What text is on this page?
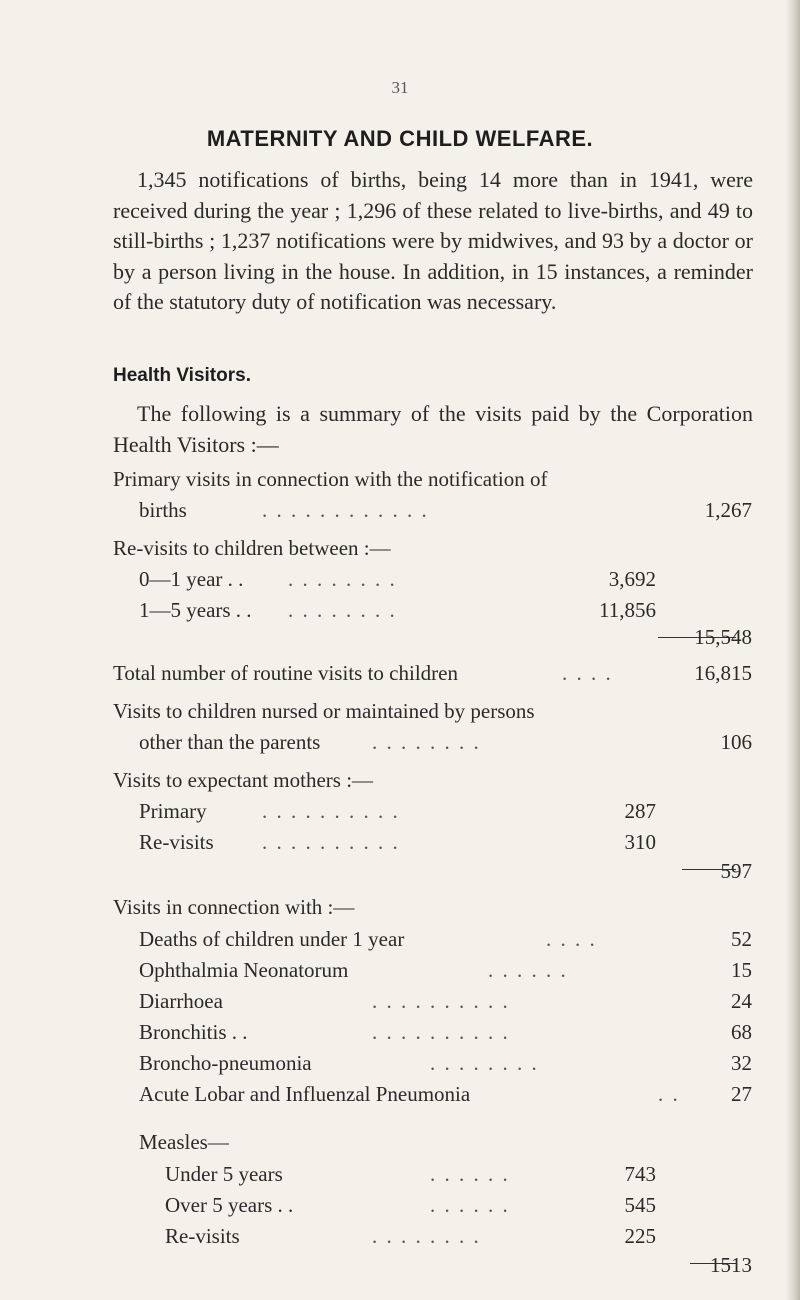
31
MATERNITY AND CHILD WELFARE.
1,345 notifications of births, being 14 more than in 1941, were received during the year ; 1,296 of these related to live-births, and 49 to still-births ; 1,237 notifications were by midwives, and 93 by a doctor or by a person living in the house. In addition, in 15 instances, a reminder of the statutory duty of notification was necessary.
Health Visitors.
The following is a summary of the visits paid by the Corporation Health Visitors :—
Primary visits in connection with the notification of
births	. . . . . . . . . . . .	1,267
Re-visits to children between :—
0—1 year . . . . . . . . . .	3,692
1—5 years . . . . . . . . . .	11,856
15,548
Total number of routine visits to children	. . . .	16,815
Visits to children nursed or maintained by persons
other than the parents . . . . . . . .	106
Visits to expectant mothers :—
Primary	. . . . . . . . . .	287
Re-visits . . . . . . . . . .	310
597
Visits in connection with :—
Deaths of children under 1 year	. . . .	52
Ophthalmia Neonatorum	. . . . . .	15
Diarrhoea	. . . . . . . . . .	24
Bronchitis . .	. . . . . . . . . .	68
Broncho-pneumonia	. . . . . . . .	32
Acute Lobar and Influenzal Pneumonia	. . 27
Measles—
Under 5 years	. . . . . .	743
Over 5 years . .	. . . . . .	545
Re-visits	. . . . . . . .	225
1513
